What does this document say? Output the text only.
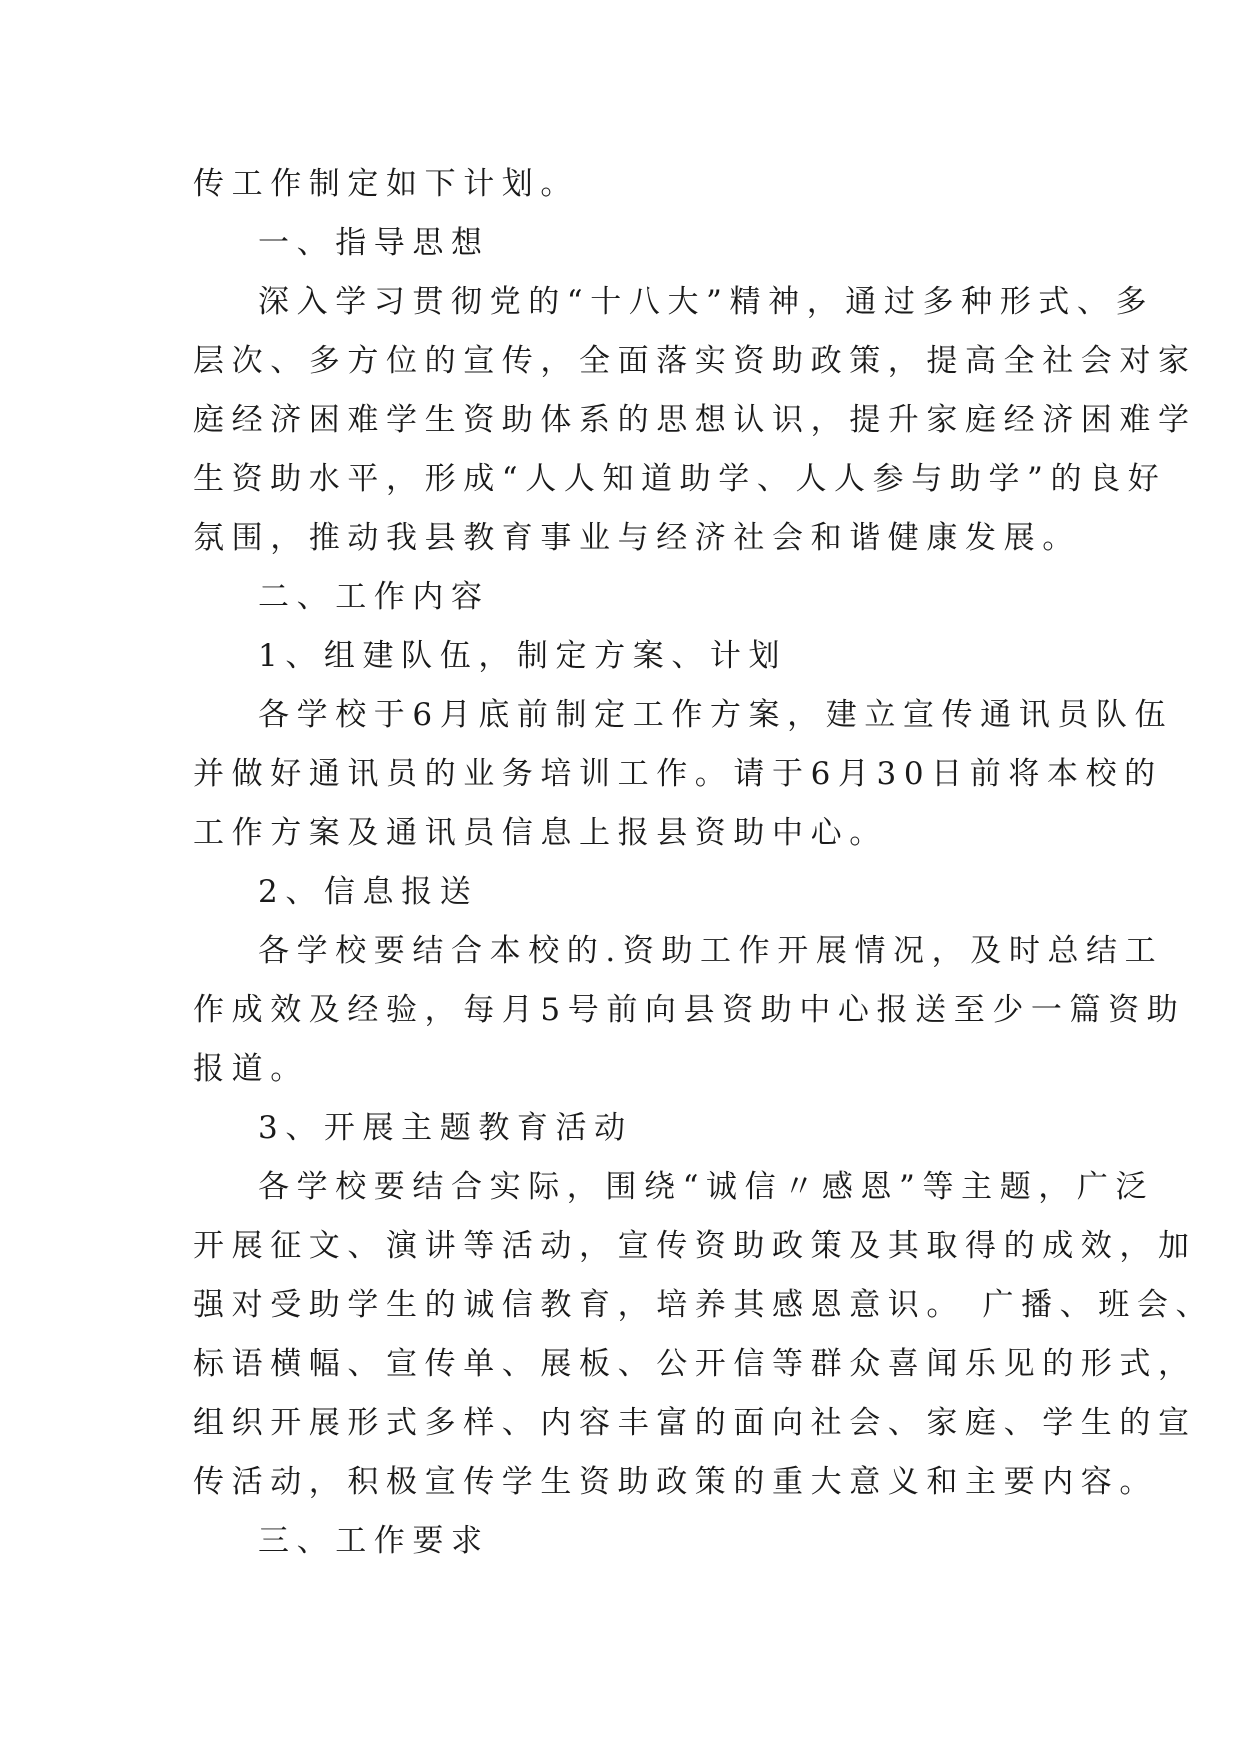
传工作制定如下计划。
一、指导思想
深入学习贯彻党的“十八大”精神，通过多种形式、多
层次、多方位的宣传，全面落实资助政策，提高全社会对家
庭经济困难学生资助体系的思想认识，提升家庭经济困难学
生资助水平，形成“人人知道助学、人人参与助学”的良好
氛围，推动我县教育事业与经济社会和谐健康发展。
二、工作内容
1、组建队伍，制定方案、计划
各学校于6月底前制定工作方案，建立宣传通讯员队伍
并做好通讯员的业务培训工作。请于6月30日前将本校的
工作方案及通讯员信息上报县资助中心。
2、信息报送
各学校要结合本校的.资助工作开展情况，及时总结工
作成效及经验，每月5号前向县资助中心报送至少一篇资助
报道。
3、开展主题教育活动
各学校要结合实际，围绕“诚信〃感恩”等主题，广泛
开展征文、演讲等活动，宣传资助政策及其取得的成效，加
强对受助学生的诚信教育，培养其感恩意识。 广播、班会、
标语横幅、宣传单、展板、公开信等群众喜闻乐见的形式，
组织开展形式多样、内容丰富的面向社会、家庭、学生的宣
传活动，积极宣传学生资助政策的重大意义和主要内容。
三、工作要求
